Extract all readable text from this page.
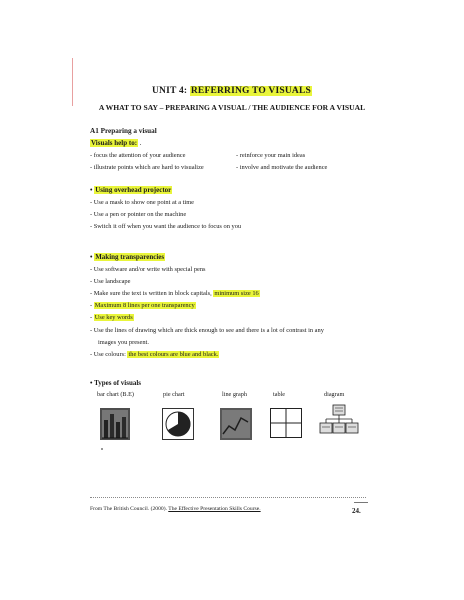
UNIT 4: REFERRING TO VISUALS
A WHAT TO SAY – PREPARING A VISUAL / THE AUDIENCE FOR A VISUAL
A1 Preparing a visual
Visuals help to: .
- focus the attention of your audience
- illustrate points which are hard to visualize
- reinforce your main ideas
- involve and motivate the audience
• Using overhead projector
- Use a mask to show one point at a time
- Use a pen or pointer on the machine
- Switch it off when you want the audience to focus on you
• Making transparencies
- Use software and/or write with special pens
- Use landscape
- Make sure the text is written in block capitals, minimum size 16
- Maximum 8 lines per one transparency
- Use key words
- Use the lines of drawing which are thick enough to see and there is a lot of contrast in any
images you present.
- Use colours: the best colours are blue and black.
• Types of visuals
bar chart (B.E)	pie chart	line graph	table	diagram
From The British Council. (2000). The Effective Presentation Skills Course.	24.
